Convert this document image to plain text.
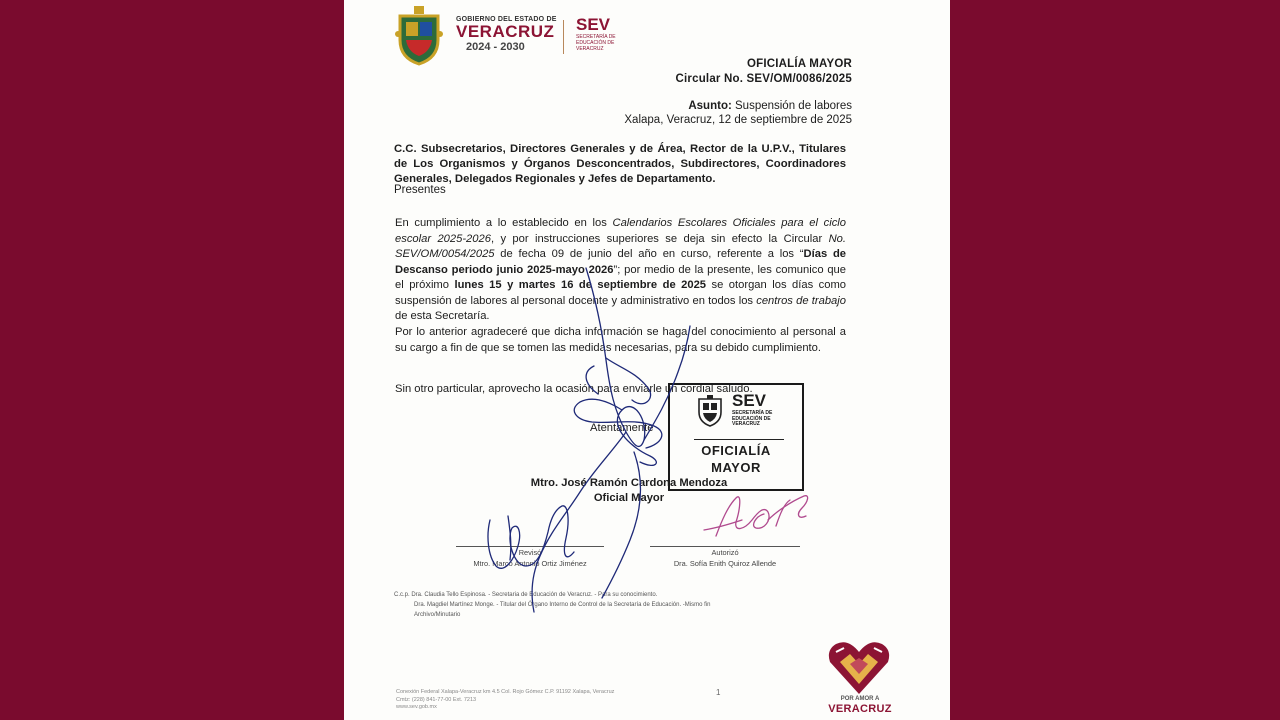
GOBIERNO DEL ESTADO DE
VERACRUZ
2024 - 2030
SEV
SECRETARÍA DE EDUCACIÓN DE VERACRUZ
OFICIALÍA MAYOR
Circular No. SEV/OM/0086/2025
Asunto: Suspensión de labores
Xalapa, Veracruz, 12 de septiembre de 2025
C.C. Subsecretarios, Directores Generales y de Área, Rector de la U.P.V., Titulares de Los Organismos y Órganos Desconcentrados, Subdirectores, Coordinadores Generales, Delegados Regionales y Jefes de Departamento.
Presentes
En cumplimiento a lo establecido en los Calendarios Escolares Oficiales para el ciclo escolar 2025-2026, y por instrucciones superiores se deja sin efecto la Circular No. SEV/OM/0054/2025 de fecha 09 de junio del año en curso, referente a los “Días de Descanso periodo junio 2025-mayo 2026”; por medio de la presente, les comunico que el próximo lunes 15 y martes 16 de septiembre de 2025 se otorgan los días como suspensión de labores al personal docente y administrativo en todos los centros de trabajo de esta Secretaría.
Por lo anterior agradeceré que dicha información se haga del conocimiento al personal a su cargo a fin de que se tomen las medidas necesarias, para su debido cumplimiento.
Sin otro particular, aprovecho la ocasión para enviarle un cordial saludo.
Atentamente
SEV
SECRETARÍA DE EDUCACIÓN DE VERACRUZ
OFICIALÍA
MAYOR
Mtro. José Ramón Cardona Mendoza
Oficial Mayor
Revisó
Mtro. Marco Antonio Ortiz Jiménez
Autorizó
Dra. Sofía Enith Quiroz Allende
C.c.p. Dra. Claudia Tello Espinosa. - Secretaria de Educación de Veracruz. - Para su conocimiento.
Dra. Magdiel Martínez Monge. - Titular del Órgano Interno de Control de la Secretaría de Educación. -Mismo fin
Archivo/Minutario
Conexión Federal Xalapa-Veracruz km 4.5 Col. Rojo Gómez C.P. 91192 Xalapa, Veracruz
Cmtz: (228) 841-77-00 Ext. 7213
www.sev.gob.mx
1
POR AMOR A
VERACRUZ
